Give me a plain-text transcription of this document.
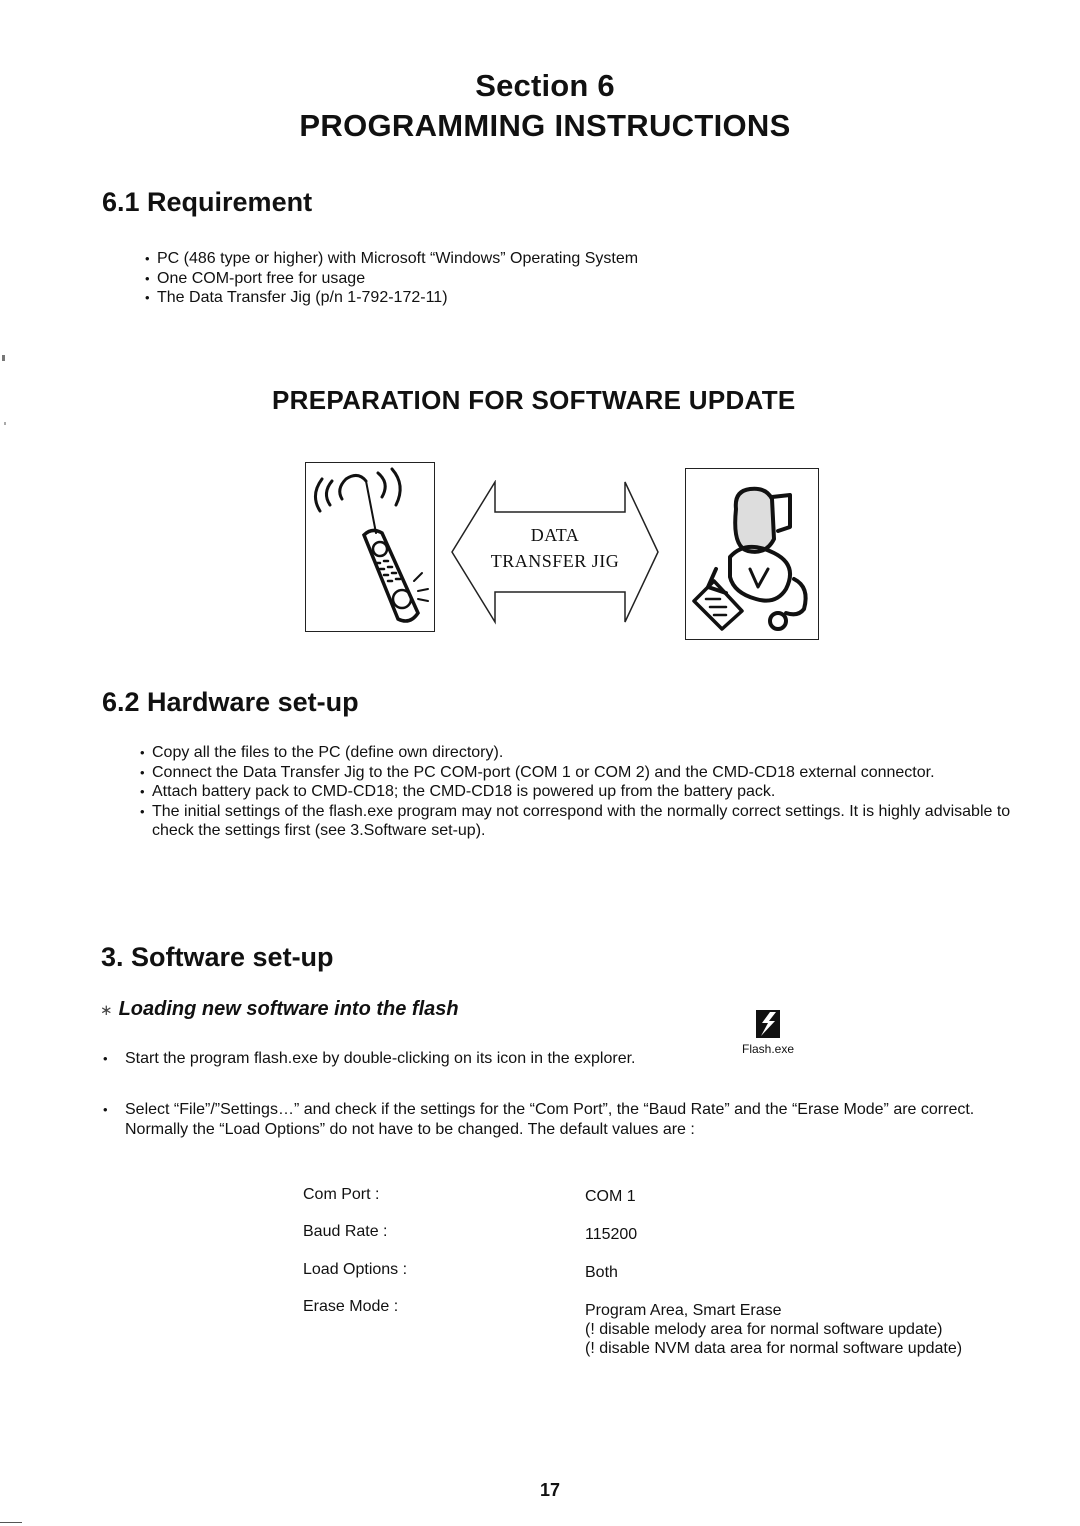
Section 6
PROGRAMMING INSTRUCTIONS
6.1 Requirement
• PC (486 type or higher) with Microsoft “Windows” Operating System
• One COM-port free for usage
• The Data Transfer Jig (p/n 1-792-172-11)
PREPARATION FOR SOFTWARE UPDATE
DATA
TRANSFER JIG
6.2 Hardware set-up
• Copy all the files to the PC (define own directory).
• Connect the Data Transfer Jig to the PC COM-port (COM 1 or COM 2) and the CMD-CD18 external connector.
• Attach battery pack to CMD-CD18; the CMD-CD18 is powered up from the battery pack.
• The initial settings of the flash.exe program may not correspond with the normally correct settings. It is highly advisable to check the settings first (see 3.Software set-up).
3. Software set-up
∗ Loading new software into the flash
• Start the program flash.exe by double-clicking on its icon in the explorer.
Flash.exe
• Select “File”/”Settings…” and check if the settings for the “Com Port”, the “Baud Rate” and the “Erase Mode” are correct. Normally the “Load Options” do not have to be changed. The default values are :
Com Port :	COM 1
Baud Rate :	115200
Load Options :	Both
Erase Mode :	Program Area, Smart Erase
(! disable melody area for normal software update)
(! disable NVM data area for normal software update)
17
